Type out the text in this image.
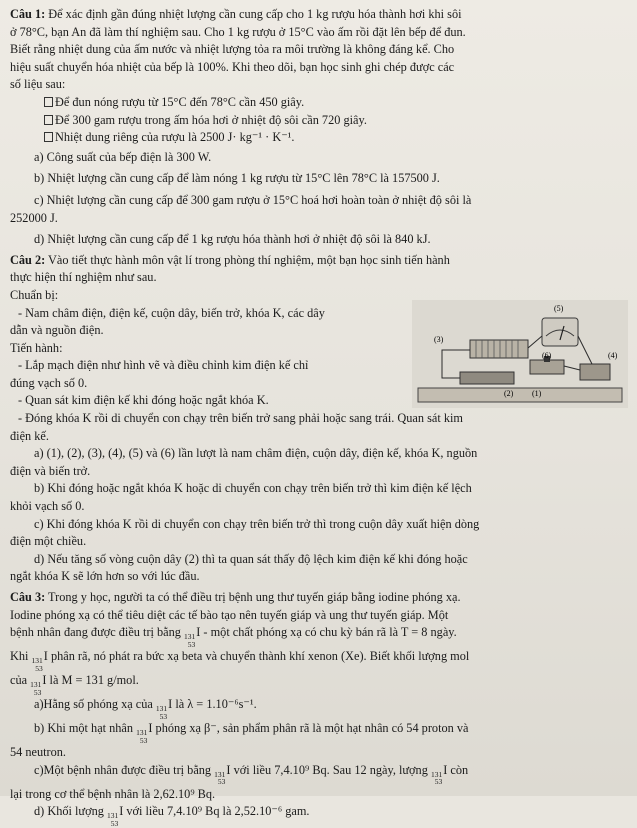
Câu 1: Để xác định gần đúng nhiệt lượng cần cung cấp cho 1 kg rượu hóa thành hơi khi sôi

ở 78°C, bạn An đã làm thí nghiệm sau. Cho 1 kg rượu ở 15°C vào ấm rồi đặt lên bếp để đun.

Biết rằng nhiệt dung của ấm nước và nhiệt lượng tỏa ra môi trường là không đáng kể. Cho

hiệu suất chuyển hóa nhiệt của bếp là 100%. Khi theo dõi, bạn học sinh ghi chép được các

số liệu sau:

Để đun nóng rượu từ 15°C đến 78°C cần 450 giây.

Để 300 gam rượu trong ấm hóa hơi ở nhiệt độ sôi cần 720 giây.

Nhiệt dung riêng của rượu là 2500 J· kg⁻¹ · K⁻¹.

a) Công suất của bếp điện là 300 W.

b) Nhiệt lượng cần cung cấp để làm nóng 1 kg rượu từ 15°C lên 78°C là 157500 J.

c) Nhiệt lượng cần cung cấp để 300 gam rượu ở 15°C hoá hơi hoàn toàn ở nhiệt độ sôi là

252000 J.

d) Nhiệt lượng cần cung cấp để 1 kg rượu hóa thành hơi ở nhiệt độ sôi là 840 kJ.

Câu 2: Vào tiết thực hành môn vật lí trong phòng thí nghiệm, một bạn học sinh tiến hành

thực hiện thí nghiệm như sau.

Chuẩn bị:

- Nam châm điện, điện kế, cuộn dây, biến trở, khóa K, các dây

dẫn và nguồn điện.

Tiến hành:

- Lắp mạch điện như hình vẽ và điều chỉnh kim điện kế chỉ

đúng vạch số 0.

- Quan sát kim điện kế khi đóng hoặc ngắt khóa K.

- Đóng khóa K rồi di chuyển con chạy trên biến trở sang phải hoặc sang trái. Quan sát kim

điện kế.

a) (1), (2), (3), (4), (5) và (6) lần lượt là nam châm điện, cuộn dây, điện kế, khóa K, nguồn

điện và biến trở.

b) Khi đóng hoặc ngắt khóa K hoặc di chuyển con chạy trên biến trở thì kim điện kế lệch

khỏi vạch số 0.

c) Khi đóng khóa K rồi di chuyển con chạy trên biến trở thì trong cuộn dây xuất hiện dòng

điện một chiều.

d) Nếu tăng số vòng cuộn dây (2) thì ta quan sát thấy độ lệch kim điện kế khi đóng hoặc

ngắt khóa K sẽ lớn hơn so với lúc đầu.

(5)
(3)
(6)	(4)
(2) (1)

Câu 3: Trong y học, người ta có thể điều trị bệnh ung thư tuyến giáp bằng iodine phóng xạ.

Iodine phóng xạ có thể tiêu diệt các tế bào tạo nên tuyến giáp và ung thư tuyến giáp. Một

bệnh nhân đang được điều trị bằng 131
53
I - một chất phóng xạ có chu kỳ bán rã là T = 8 ngày.

Khi 131
53
I phân rã, nó phát ra bức xạ beta và chuyển thành khí xenon (Xe). Biết khối lượng mol

của 131
53
I là M = 131 g/mol.

a)Hằng số phóng xạ của 131
53
I là λ = 1.10⁻⁶s⁻¹.

b) Khi một hạt nhân 131
53
I phóng xạ β⁻, sản phẩm phân rã là một hạt nhân có 54 proton và

54 neutron.

c)Một bệnh nhân được điều trị bằng 131
53
I với liều 7,4.10⁹ Bq. Sau 12 ngày, lượng 131
53
I còn

lại trong cơ thể bệnh nhân là 2,62.10⁹ Bq.

d) Khối lượng 131
53
I với liều 7,4.10⁹ Bq là 2,52.10⁻⁶ gam.
